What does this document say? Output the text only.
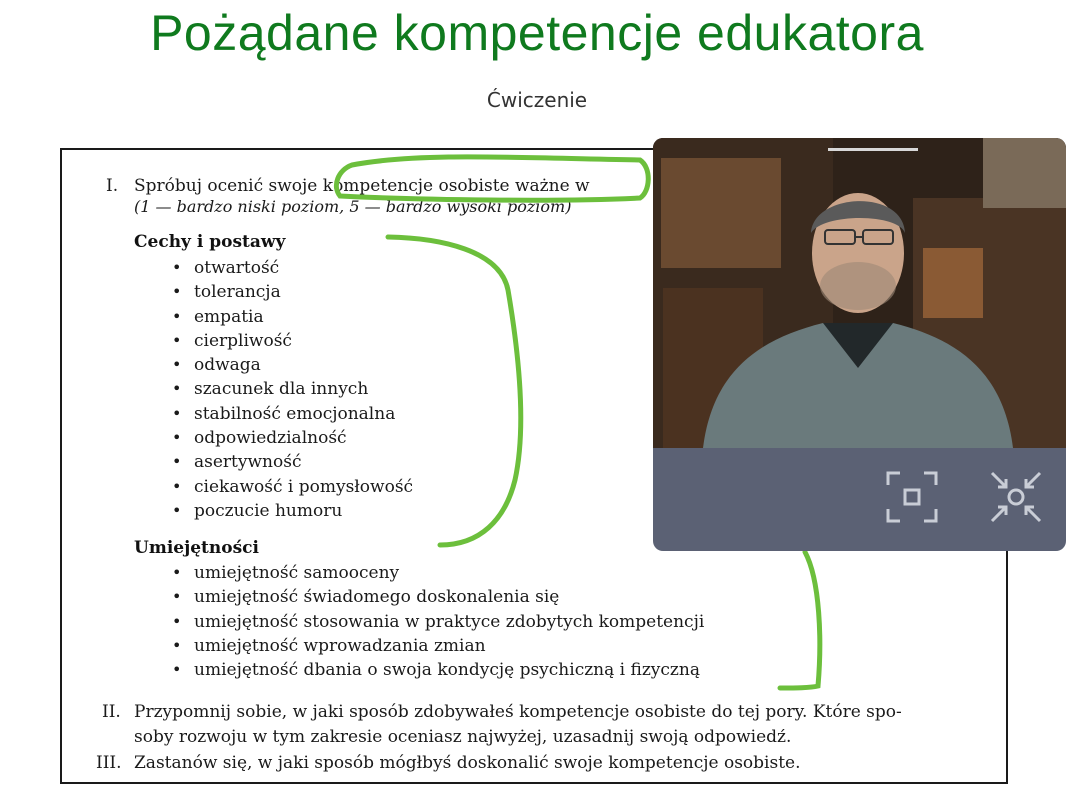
Pożądane kompetencje edukatora
Ćwiczenie
I. Spróbuj ocenić swoje kompetencje osobiste ważne w
(1 — bardzo niski poziom, 5 — bardzo wysoki poziom)
Cechy i postawy
• otwartość
• tolerancja
• empatia
• cierpliwość
• odwaga
• szacunek dla innych
• stabilność emocjonalna
• odpowiedzialność
• asertywność
• ciekawość i pomysłowość
• poczucie humoru
Umiejętności
• umiejętność samooceny
• umiejętność świadomego doskonalenia się
• umiejętność stosowania w praktyce zdobytych kompetencji
• umiejętność wprowadzania zmian
• umiejętność dbania o swoja kondycję psychiczną i fizyczną
II. Przypomnij sobie, w jaki sposób zdobywałeś kompetencje osobiste do tej pory. Które spo-
soby rozwoju w tym zakresie oceniasz najwyżej, uzasadnij swoją odpowiedź.
III. Zastanów się, w jaki sposób mógłbyś doskonalić swoje kompetencje osobiste.
